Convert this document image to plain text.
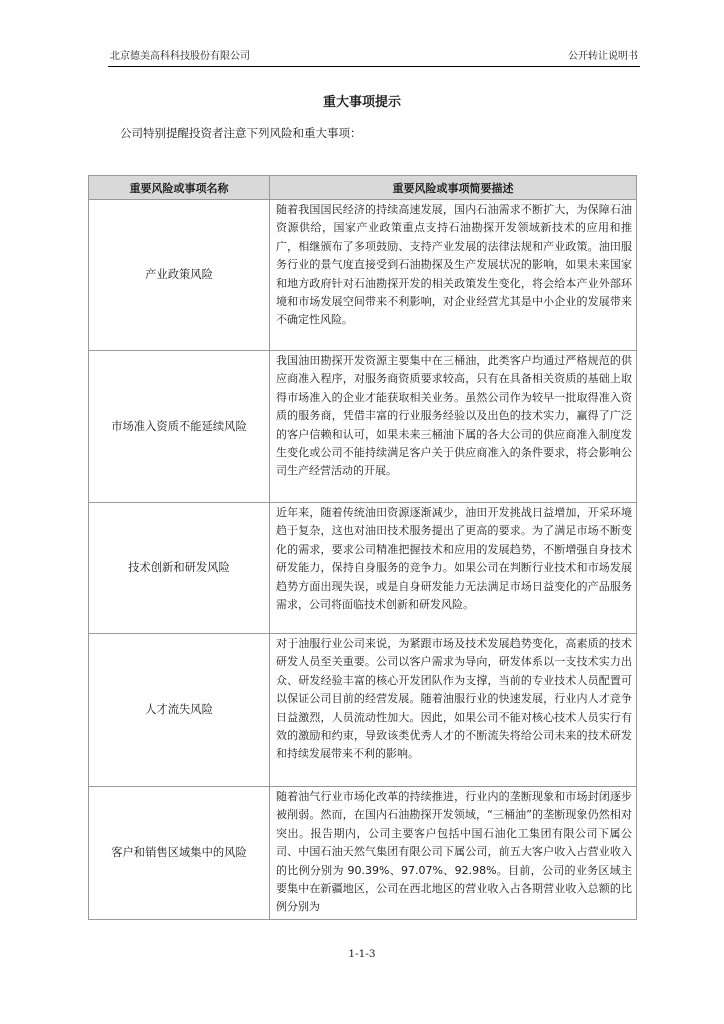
北京德美高科科技股份有限公司	公开转让说明书
重大事项提示
公司特别提醒投资者注意下列风险和重大事项：
重要风险或事项名称	重要风险或事项简要描述
产业政策风险	随着我国国民经济的持续高速发展，国内石油需求不断扩大，为保障石油资源供给，国家产业政策重点支持石油勘探开发领域新技术的应用和推广，相继颁布了多项鼓励、支持产业发展的法律法规和产业政策。油田服务行业的景气度直接受到石油勘探及生产发展状况的影响，如果未来国家和地方政府针对石油勘探开发的相关政策发生变化，将会给本产业外部环境和市场发展空间带来不利影响，对企业经营尤其是中小企业的发展带来不确定性风险。

市场准入资质不能延续风险	我国油田勘探开发资源主要集中在三桶油，此类客户均通过严格规范的供应商准入程序，对服务商资质要求较高，只有在具备相关资质的基础上取得市场准入的企业才能获取相关业务。虽然公司作为较早一批取得准入资质的服务商，凭借丰富的行业服务经验以及出色的技术实力，赢得了广泛的客户信赖和认可，如果未来三桶油下属的各大公司的供应商准入制度发生变化或公司不能持续满足客户关于供应商准入的条件要求，将会影响公司生产经营活动的开展。

技术创新和研发风险	近年来，随着传统油田资源逐渐减少，油田开发挑战日益增加，开采环境趋于复杂，这也对油田技术服务提出了更高的要求。为了满足市场不断变化的需求，要求公司精准把握技术和应用的发展趋势，不断增强自身技术研发能力，保持自身服务的竞争力。如果公司在判断行业技术和市场发展趋势方面出现失误，或是自身研发能力无法满足市场日益变化的产品服务需求，公司将面临技术创新和研发风险。

人才流失风险	对于油服行业公司来说，为紧跟市场及技术发展趋势变化，高素质的技术研发人员至关重要。公司以客户需求为导向，研发体系以一支技术实力出众、研发经验丰富的核心开发团队作为支撑，当前的专业技术人员配置可以保证公司目前的经营发展。随着油服行业的快速发展，行业内人才竞争日益激烈，人员流动性加大。因此，如果公司不能对核心技术人员实行有效的激励和约束，导致该类优秀人才的不断流失将给公司未来的技术研发和持续发展带来不利的影响。

客户和销售区域集中的风险	随着油气行业市场化改革的持续推进，行业内的垄断现象和市场封闭逐步被削弱。然而，在国内石油勘探开发领域，“三桶油”的垄断现象仍然相对突出。报告期内，公司主要客户包括中国石油化工集团有限公司下属公司、中国石油天然气集团有限公司下属公司，前五大客户收入占营业收入的比例分别为 90.39%、97.07%、92.98%。目前，公司的业务区域主要集中在新疆地区，公司在西北地区的营业收入占各期营业收入总额的比例分别为
1-1-3
